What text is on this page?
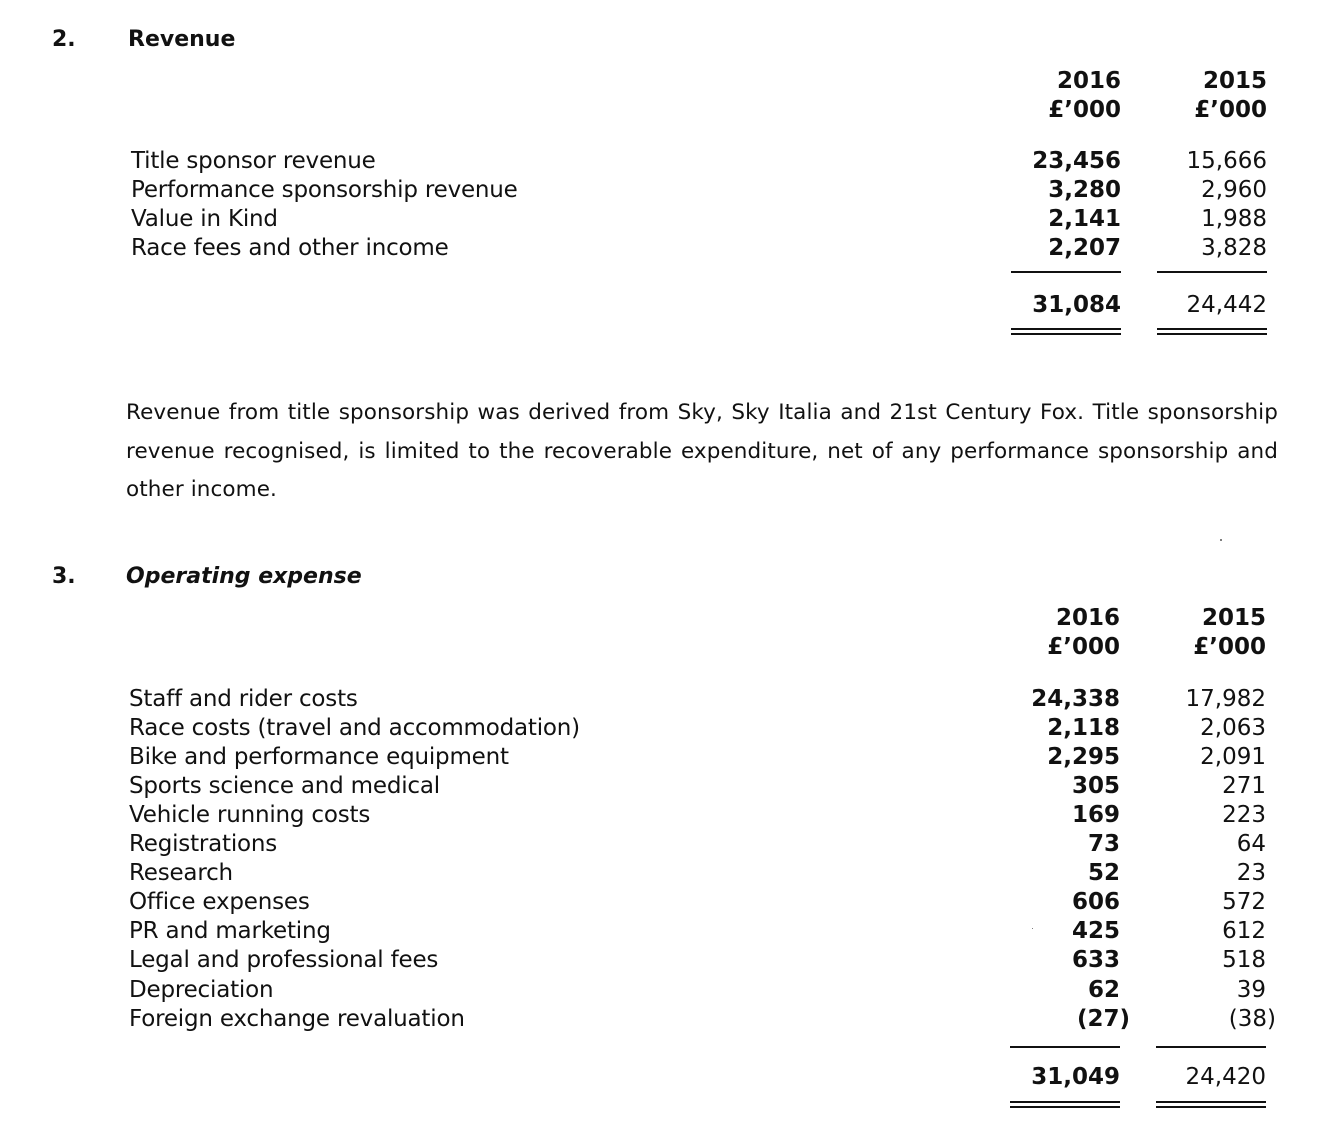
2. Revenue
2016
£’000
2015
£’000
Title sponsor revenue	23,456	15,666
Performance sponsorship revenue	3,280	2,960
Value in Kind	2,141	1,988
Race fees and other income	2,207	3,828
31,084	24,442
Revenue from title sponsorship was derived from Sky, Sky Italia and 21st Century Fox. Title sponsorship revenue recognised, is limited to the recoverable expenditure, net of any performance sponsorship and other income.
3. Operating expense
2016
£’000
2015
£’000
Staff and rider costs	24,338	17,982
Race costs (travel and accommodation)	2,118	2,063
Bike and performance equipment	2,295	2,091
Sports science and medical	305	271
Vehicle running costs	169	223
Registrations	73	64
Research	52	23
Office expenses	606	572
PR and marketing	425	612
Legal and professional fees	633	518
Depreciation	62	39
Foreign exchange revaluation	(27)	(38)
31,049	24,420
